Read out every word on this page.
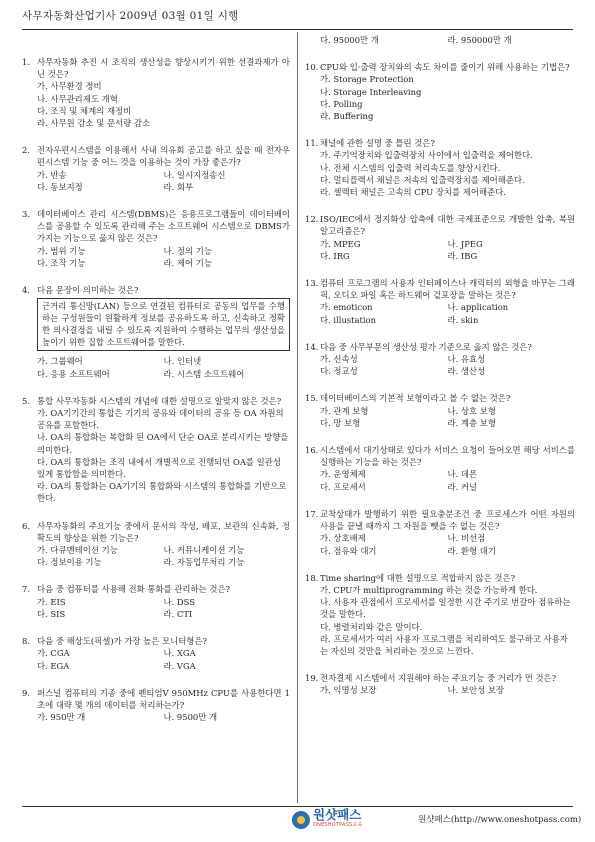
사무자동화산업기사 2009년 03월 01일 시행
1. 사무자동화 추진 시 조직의 생산성을 향상시키기 위한 선결과제가 아닌 것은?
가. 사무환경 정비
나. 사무관리제도 개혁
다. 조직 및 체계의 재정비
라. 사무원 감소 및 문서량 감소
2. 전자우편시스템을 이용해서 사내 의유회 공고를 하고 싶을 때 전자우편시스템 기능 중 어느 것을 이용하는 것이 가장 좋은가?
가. 반송	나. 일시지정송신
다. 동보지정	라. 회부
3. 데이터베이스 관리 시스템(DBMS)은 응용프로그램들이 데이터베이스를 공용할 수 있도록 관리해 주는 소프트웨어 시스템으로 DBMS가 가지는 기능으로 옳지 않은 것은?
가. 범위 기능	나. 정의 기능
다. 조작 기능	라. 제어 기능
4. 다음 문장이 의미하는 것은?
근거리 통신망(LAN) 등으로 연결된 컴퓨터로 공동의 업무를 수행하는 구성원들이 원활하게 정보를 공유하도록 하고, 신속하고 정확한 의사결정을 내릴 수 있도록 지원하여 수행하는 업무의 생산성을 높이기 위한 집합 소프트웨어를 말한다.
가. 그룹웨어	나. 인터넷
다. 응용 소프트웨어	라. 시스템 소프트웨어
5. 통합 사무자동화 시스템의 개념에 대한 설명으로 알맞지 않은 것은?
가. OA기기간의 통합은 기기의 공유와 데이터의 공유 등 OA 자원의 공유를 포함한다.
나. OA의 통합화는 복합화 된 OA에서 단순 OA로 분리시키는 방향을 의미한다.
다. OA의 통합화는 조직 내에서 개별적으로 진행되던 OA를 일관성 있게 통합함을 의미한다.
라. OA의 통합화는 OA기기의 통합화와 시스템의 통합화를 기반으로 한다.
6. 사무자동화의 주요기능 중에서 문서의 작성, 배포, 보관의 신속화, 정확도의 향상을 위한 기능은?
가. 다큐멘테이션 기능	나. 커뮤니케이션 기능
다. 정보이용 기능	라. 자동업무처리 기능
7. 다음 중 컴퓨터를 사용해 전화 통화를 관리하는 것은?
가. EIS	나. DSS
다. SIS	라. CTI
8. 다음 중 해상도(픽셀)가 가장 높은 모니터형은?
가. CGA	나. XGA
다. EGA	라. VGA
9. 퍼스널 컴퓨터의 기종 중에 펜티엄V 950MHz CPU를 사용한다면 1초에 대략 몇 개의 데이터를 처리하는가?
가. 950만 개	나. 9500만 개
다. 95000만 개	라. 950000만 개
10. CPU와 입·출력 장치와의 속도 차이를 줄이기 위해 사용하는 기법은?
가. Storage Protection
나. Storage Interleaving
다. Polling
라. Buffering
11. 채널에 관한 설명 중 틀린 것은?
가. 주기억장치와 입출력장치 사이에서 입출력을 제어한다.
나. 전체 시스템의 입출력 처리속도를 향상시킨다.
다. 멀티플렉서 채널은 저속의 입출력장치를 제어해준다.
라. 셀렉터 채널은 고속의 CPU 장치를 제어해준다.
12. ISO/IEC에서 정지화상 압축에 대한 국제표준으로 개발한 압축, 복원 알고리즘은?
가. MPEG	나. JPEG
다. IRG	라. IBG
13. 컴퓨터 프로그램의 사용자 인터페이스나 캐릭터의 외형을 바꾸는 그래픽, 오디오 파일 혹은 하드웨어 겉포장을 말하는 것은?
가. emoticon	나. application
다. illustation	라. skin
14. 다음 중 사무부문의 생산성 평가 기준으로 옳지 않은 것은?
가. 신속성	나. 유효성
다. 정교성	라. 생산성
15. 데이터베이스의 기본적 보형이라고 볼 수 없는 것은?
가. 관계 보형	나. 상호 보형
다. 망 보형	라. 계층 보형
16. 시스템에서 대기상태로 있다가 서비스 요청이 들어오면 해당 서비스를 실행하는 기능을 하는 것은?
가. 운영체제	나. 데몬
다. 프로세서	라. 커널
17. 교착상태가 발행하기 위한 필요충분조건 중 프로세스가 어떤 자원의 사용을 끝낼 때까지 그 자원을 뺏을 수 없는 것은?
가. 상호배제	나. 비선점
다. 점유와 대기	라. 환형 대기
18. Time sharing에 대한 설명으로 적합하지 않은 것은?
가. CPU가 multiprogramming 하는 것을 가능하게 한다.
나. 사용자 관점에서 프로세서를 일정한 시간 주기로 번갈아 점유하는 것을 말한다.
다. 병렬처리와 같은 말이다.
라. 프로세서가 여러 사용자 프로그램을 처리하여도 불구하고 사용자는 자신의 것만을 처리하는 것으로 느낀다.
19. 전자결제 시스템에서 지원해야 하는 주요기능 중 거리가 먼 것은?
가. 익명성 보장	나. 보안성 보장
원샷패스
ONESHOTPASS교육	원샷패스(http://www.oneshotpass.com)
